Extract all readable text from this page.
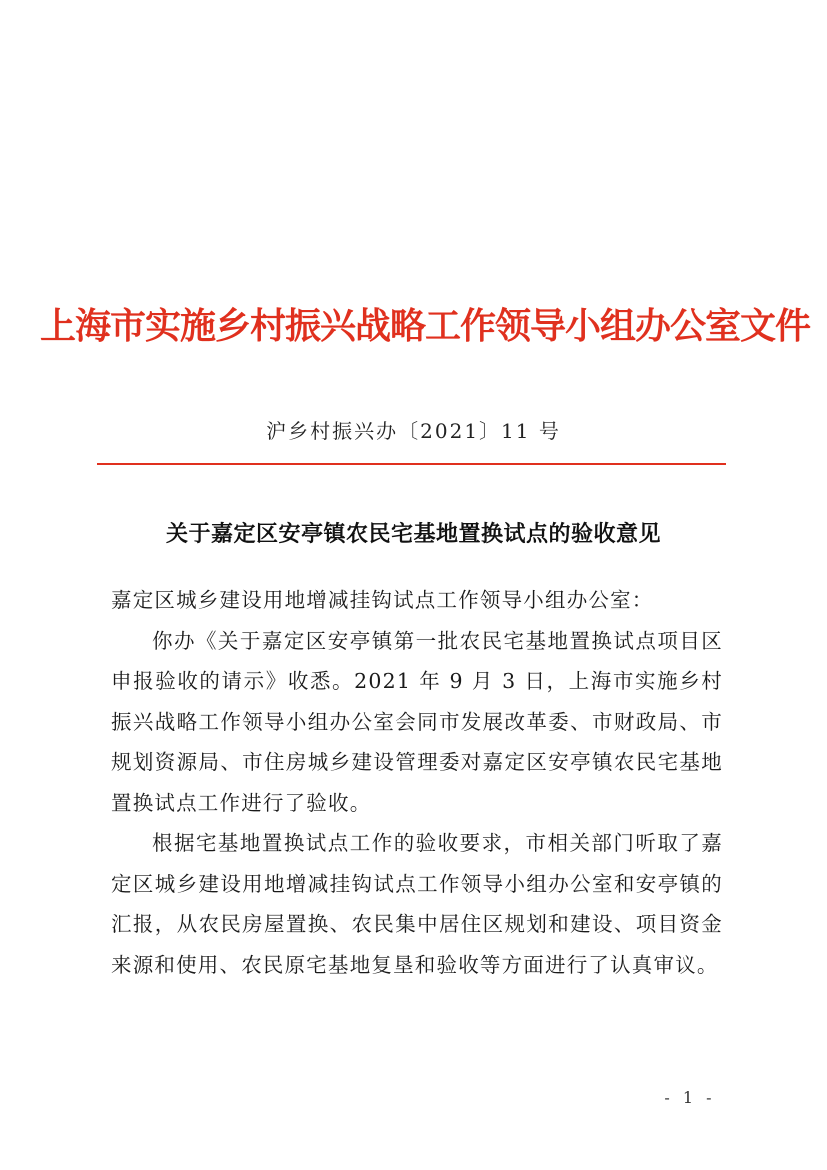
上海市实施乡村振兴战略工作领导小组办公室文件
沪乡村振兴办〔2021〕11 号
关于嘉定区安亭镇农民宅基地置换试点的验收意见

嘉定区城乡建设用地增减挂钩试点工作领导小组办公室：

你办《关于嘉定区安亭镇第一批农民宅基地置换试点项目区申报验收的请示》收悉。2021 年 9 月 3 日，上海市实施乡村振兴战略工作领导小组办公室会同市发展改革委、市财政局、市规划资源局、市住房城乡建设管理委对嘉定区安亭镇农民宅基地置换试点工作进行了验收。

根据宅基地置换试点工作的验收要求，市相关部门听取了嘉定区城乡建设用地增减挂钩试点工作领导小组办公室和安亭镇的汇报，从农民房屋置换、农民集中居住区规划和建设、项目资金来源和使用、农民原宅基地复垦和验收等方面进行了认真审议。

- 1 -
